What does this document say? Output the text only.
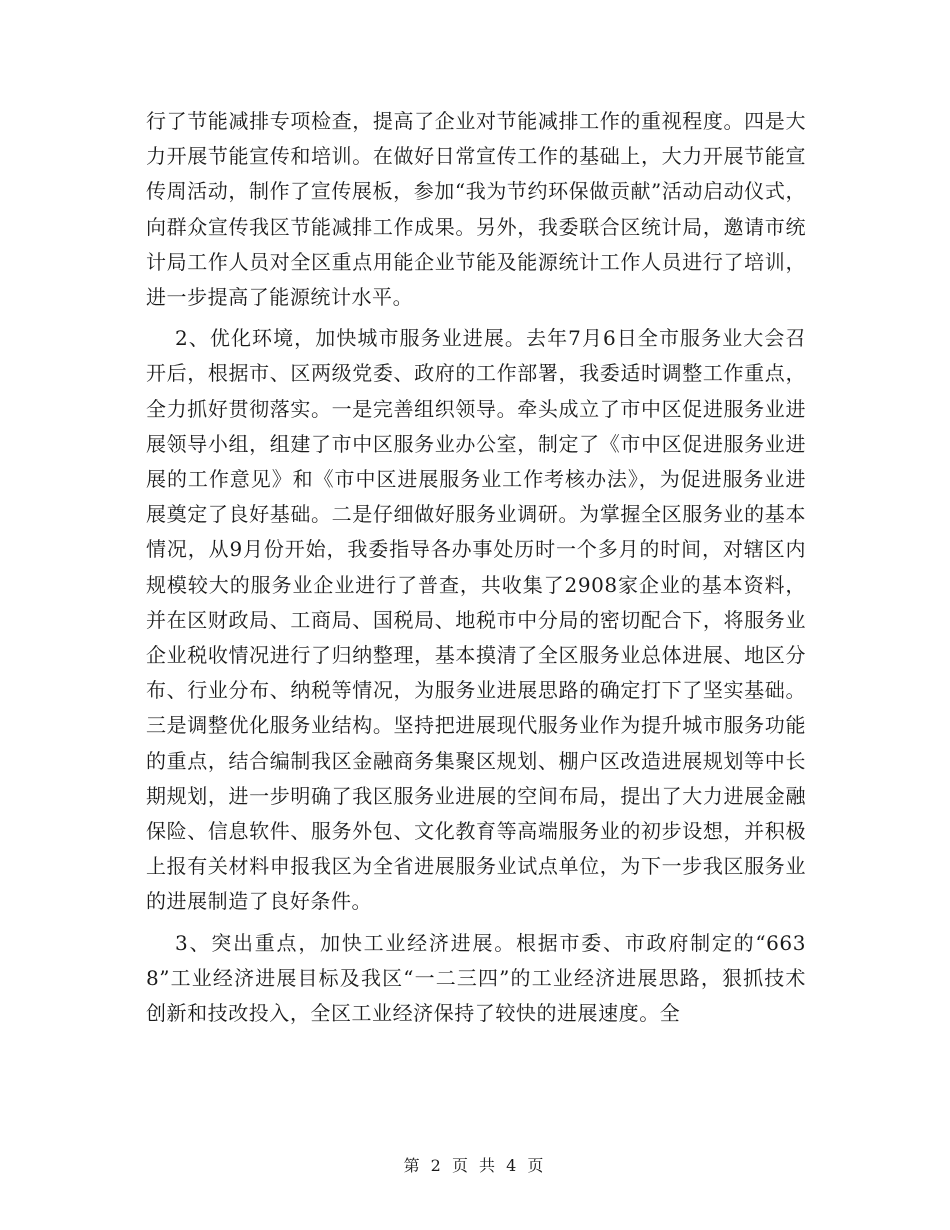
行了节能减排专项检查，提高了企业对节能减排工作的重视程度。四是大力开展节能宣传和培训。在做好日常宣传工作的基础上，大力开展节能宣传周活动，制作了宣传展板，参加“我为节约环保做贡献”活动启动仪式，向群众宣传我区节能减排工作成果。另外，我委联合区统计局，邀请市统计局工作人员对全区重点用能企业节能及能源统计工作人员进行了培训，进一步提高了能源统计水平。

2、优化环境，加快城市服务业进展。去年7月6日全市服务业大会召开后，根据市、区两级党委、政府的工作部署，我委适时调整工作重点，全力抓好贯彻落实。一是完善组织领导。牵头成立了市中区促进服务业进展领导小组，组建了市中区服务业办公室，制定了《市中区促进服务业进展的工作意见》和《市中区进展服务业工作考核办法》，为促进服务业进展奠定了良好基础。二是仔细做好服务业调研。为掌握全区服务业的基本情况，从9月份开始，我委指导各办事处历时一个多月的时间，对辖区内规模较大的服务业企业进行了普查，共收集了2908家企业的基本资料，并在区财政局、工商局、国税局、地税市中分局的密切配合下，将服务业企业税收情况进行了归纳整理，基本摸清了全区服务业总体进展、地区分布、行业分布、纳税等情况，为服务业进展思路的确定打下了坚实基础。三是调整优化服务业结构。坚持把进展现代服务业作为提升城市服务功能的重点，结合编制我区金融商务集聚区规划、棚户区改造进展规划等中长期规划，进一步明确了我区服务业进展的空间布局，提出了大力进展金融保险、信息软件、服务外包、文化教育等高端服务业的初步设想，并积极上报有关材料申报我区为全省进展服务业试点单位，为下一步我区服务业的进展制造了良好条件。

3、突出重点，加快工业经济进展。根据市委、市政府制定的“6638”工业经济进展目标及我区“一二三四”的工业经济进展思路，狠抓技术创新和技改投入，全区工业经济保持了较快的进展速度。全

第 2 页 共 4 页
